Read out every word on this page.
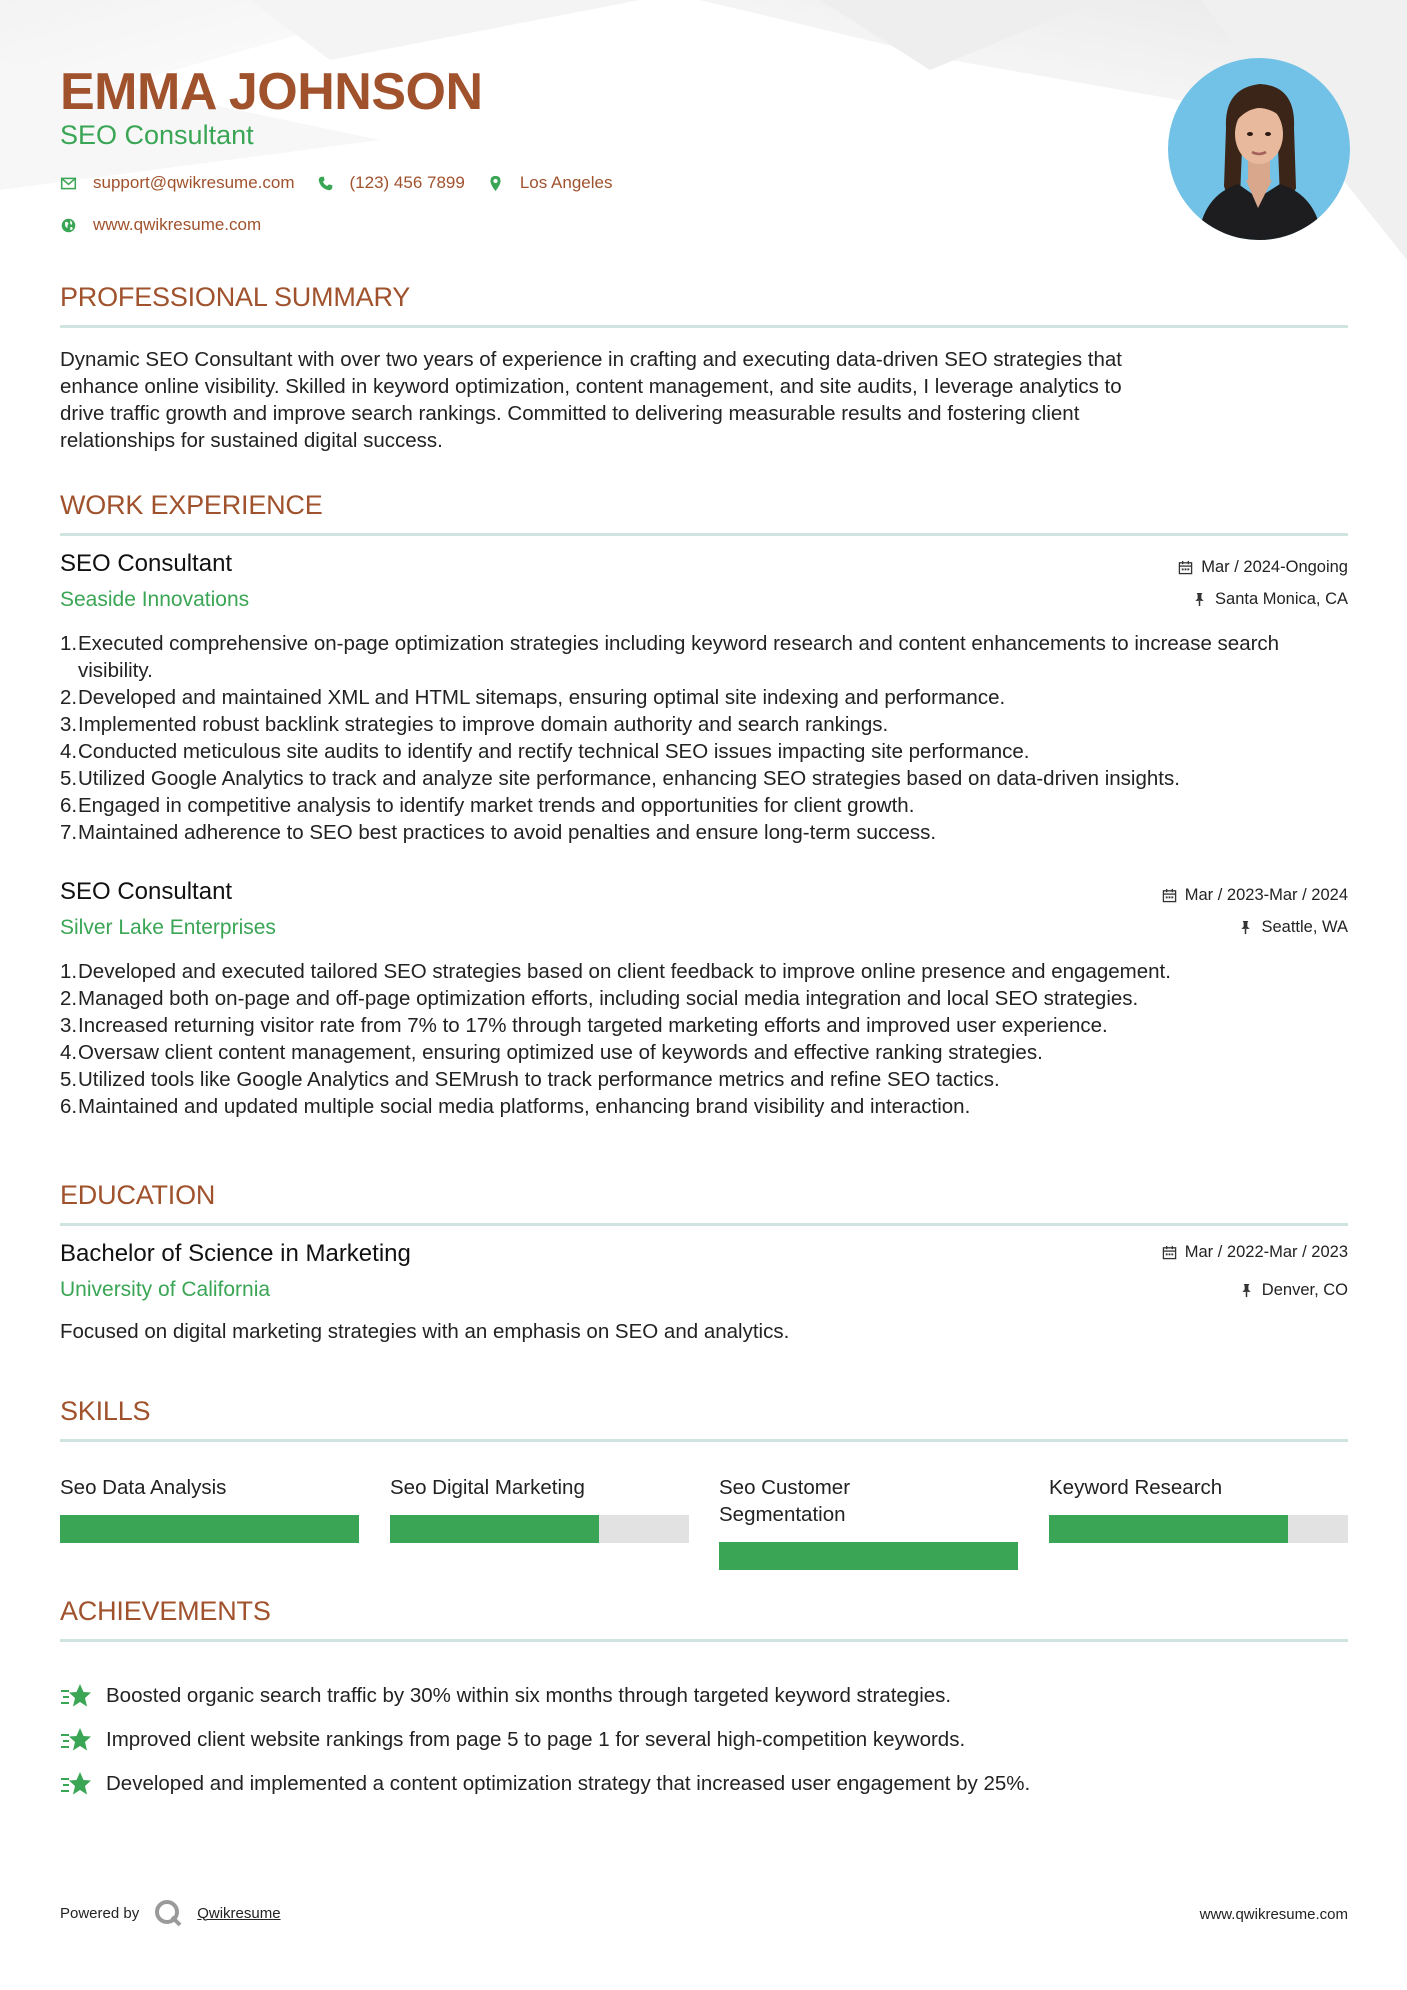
EMMA JOHNSON
SEO Consultant
support@qwikresume.com	(123) 456 7899	Los Angeles
www.qwikresume.com
PROFESSIONAL SUMMARY
Dynamic SEO Consultant with over two years of experience in crafting and executing data-driven SEO strategies that
enhance online visibility. Skilled in keyword optimization, content management, and site audits, I leverage analytics to
drive traffic growth and improve search rankings. Committed to delivering measurable results and fostering client
relationships for sustained digital success.
WORK EXPERIENCE
SEO Consultant
Seaside Innovations
Mar / 2024-Ongoing
Santa Monica, CA
1. Executed comprehensive on-page optimization strategies including keyword research and content enhancements to increase search visibility.
2. Developed and maintained XML and HTML sitemaps, ensuring optimal site indexing and performance.
3. Implemented robust backlink strategies to improve domain authority and search rankings.
4. Conducted meticulous site audits to identify and rectify technical SEO issues impacting site performance.
5. Utilized Google Analytics to track and analyze site performance, enhancing SEO strategies based on data-driven insights.
6. Engaged in competitive analysis to identify market trends and opportunities for client growth.
7. Maintained adherence to SEO best practices to avoid penalties and ensure long-term success.
SEO Consultant
Silver Lake Enterprises
Mar / 2023-Mar / 2024
Seattle, WA
1. Developed and executed tailored SEO strategies based on client feedback to improve online presence and engagement.
2. Managed both on-page and off-page optimization efforts, including social media integration and local SEO strategies.
3. Increased returning visitor rate from 7% to 17% through targeted marketing efforts and improved user experience.
4. Oversaw client content management, ensuring optimized use of keywords and effective ranking strategies.
5. Utilized tools like Google Analytics and SEMrush to track performance metrics and refine SEO tactics.
6. Maintained and updated multiple social media platforms, enhancing brand visibility and interaction.
EDUCATION
Bachelor of Science in Marketing
University of California
Mar / 2022-Mar / 2023
Denver, CO
Focused on digital marketing strategies with an emphasis on SEO and analytics.
SKILLS
Seo Data Analysis	Seo Digital Marketing	Seo Customer Segmentation
Keyword Research
ACHIEVEMENTS
Boosted organic search traffic by 30% within six months through targeted keyword strategies.
Improved client website rankings from page 5 to page 1 for several high-competition keywords.
Developed and implemented a content optimization strategy that increased user engagement by 25%.
Powered by	Qwikresume	www.qwikresume.com
